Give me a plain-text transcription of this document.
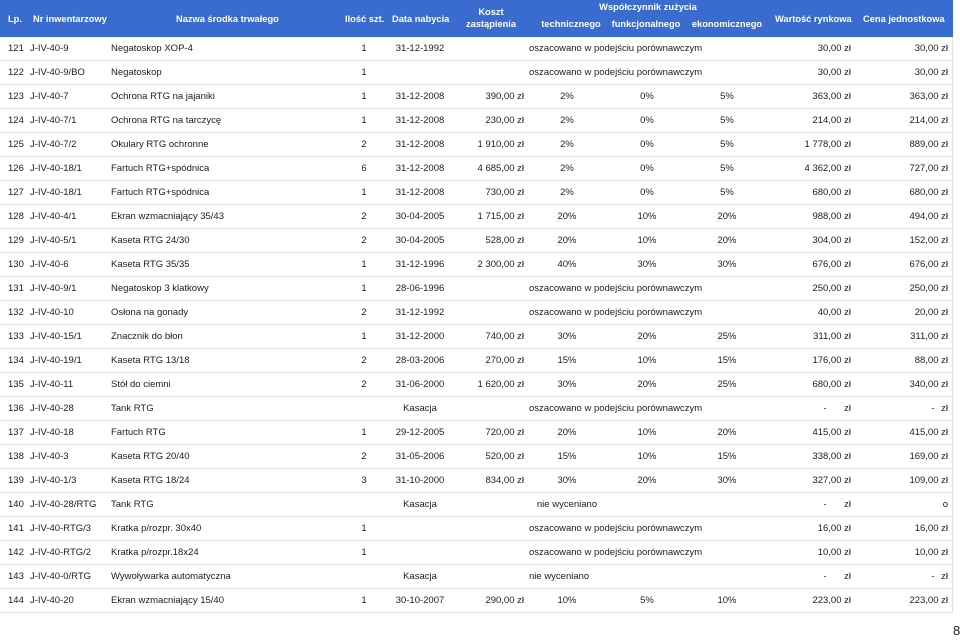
Lp. Nr inwentarzowy	Nazwa środka trwałego	Ilość szt. Data nabycia
Koszt
zastąpienia
Współczynnik zużycia
technicznego	funkcjonalnego	ekonomicznego	Wartość rynkowa Cena jednostkowa
121 J-IV-40-9	Negatoskop XOP-4	1	31-12-1992	oszacowano w podejściu porównawczym	30,00 zł	30,00 zł
122 J-IV-40-9/BO	Negatoskop	1	oszacowano w podejściu porównawczym	30,00 zł	30,00 zł
123 J-IV-40-7	Ochrona RTG na jajaniki	1	31-12-2008	390,00 zł	2%	0%	5%	363,00 zł	363,00 zł
124 J-IV-40-7/1	Ochrona RTG na tarczycę	1	31-12-2008	230,00 zł	2%	0%	5%	214,00 zł	214,00 zł
125 J-IV-40-7/2	Okulary RTG ochronne	2	31-12-2008	1 910,00 zł	2%	0%	5%	1 778,00 zł	889,00 zł
126 J-IV-40-18/1	Fartuch RTG+spódnica	6	31-12-2008	4 685,00 zł	2%	0%	5%	4 362,00 zł	727,00 zł
127 J-IV-40-18/1	Fartuch RTG+spódnica	1	31-12-2008	730,00 zł	2%	0%	5%	680,00 zł	680,00 zł
128 J-IV-40-4/1	Ekran wzmacniający 35/43	2	30-04-2005	1 715,00 zł	20%	10%	20%	988,00 zł	494,00 zł
129 J-IV-40-5/1	Kaseta RTG 24/30	2	30-04-2005	528,00 zł	20%	10%	20%	304,00 zł	152,00 zł
130 J-IV-40-6	Kaseta RTG 35/35	1	31-12-1996	2 300,00 zł	40%	30%	30%	676,00 zł	676,00 zł
131 J-IV-40-9/1	Negatoskop 3 klatkowy	1	28-06-1996	oszacowano w podejściu porównawczym	250,00 zł	250,00 zł
132 J-IV-40-10	Osłona na gonady	2	31-12-1992	oszacowano w podejściu porównawczym	40,00 zł	20,00 zł
133 J-IV-40-15/1	Znacznik do błon	1	31-12-2000	740,00 zł	30%	20%	25%	311,00 zł	311,00 zł
134 J-IV-40-19/1	Kaseta RTG 13/18	2	28-03-2006	270,00 zł	15%	10%	15%	176,00 zł	88,00 zł
135 J-IV-40-11	Stół do ciemni	2	31-06-2000	1 620,00 zł	30%	20%	25%	680,00 zł	340,00 zł
136 J-IV-40-28	Tank RTG	Kasacja	oszacowano w podejściu porównawczym	- zł	- zł
137 J-IV-40-18	Fartuch RTG	1	29-12-2005	720,00 zł	20%	10%	20%	415,00 zł	415,00 zł
138 J-IV-40-3	Kaseta RTG 20/40	2	31-05-2006	520,00 zł	15%	10%	15%	338,00 zł	169,00 zł
139 J-IV-40-1/3	Kaseta RTG 18/24	3	31-10-2000	834,00 zł	30%	20%	30%	327,00 zł	109,00 zł
140 J-IV-40-28/RTG Tank RTG	Kasacja	nie wyceniano	- zł	o
141 J-IV-40-RTG/3 Kratka p/rozpr. 30x40	1	oszacowano w podejściu porównawczym	16,00 zł	16,00 zł
142 J-IV-40-RTG/2 Kratka p/rozpr.18x24	1	oszacowano w podejściu porównawczym	10,00 zł	10,00 zł
143 J-IV-40-0/RTG Wywoływarka automatyczna	Kasacja	nie wyceniano	- zł	- zł
144 J-IV-40-20	Ekran wzmacniający 15/40	1	30-10-2007	290,00 zł	10%	5%	10%	223,00 zł	223,00 zł
8
